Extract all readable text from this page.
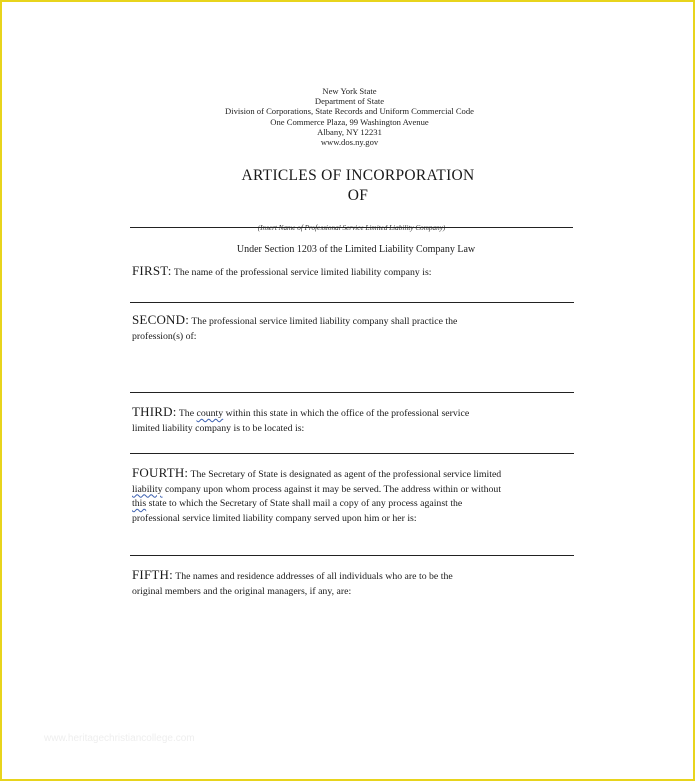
New York State
Department of State
Division of Corporations, State Records and Uniform Commercial Code
One Commerce Plaza, 99 Washington Avenue
Albany, NY 12231
www.dos.ny.gov
ARTICLES OF INCORPORATION
OF
(Insert Name of Professional Service Limited Liability Company)
Under Section 1203 of the Limited Liability Company Law
FIRST: The name of the professional service limited liability company is:
SECOND: The professional service limited liability company shall practice the
profession(s) of:
THIRD: The county within this state in which the office of the professional service
limited liability company is to be located is:
FOURTH: The Secretary of State is designated as agent of the professional service limited
liability company upon whom process against it may be served. The address within or without
this state to which the Secretary of State shall mail a copy of any process against the
professional service limited liability company served upon him or her is:
FIFTH: The names and residence addresses of all individuals who are to be the
original members and the original managers, if any, are:
www.heritagechristiancollege.com
